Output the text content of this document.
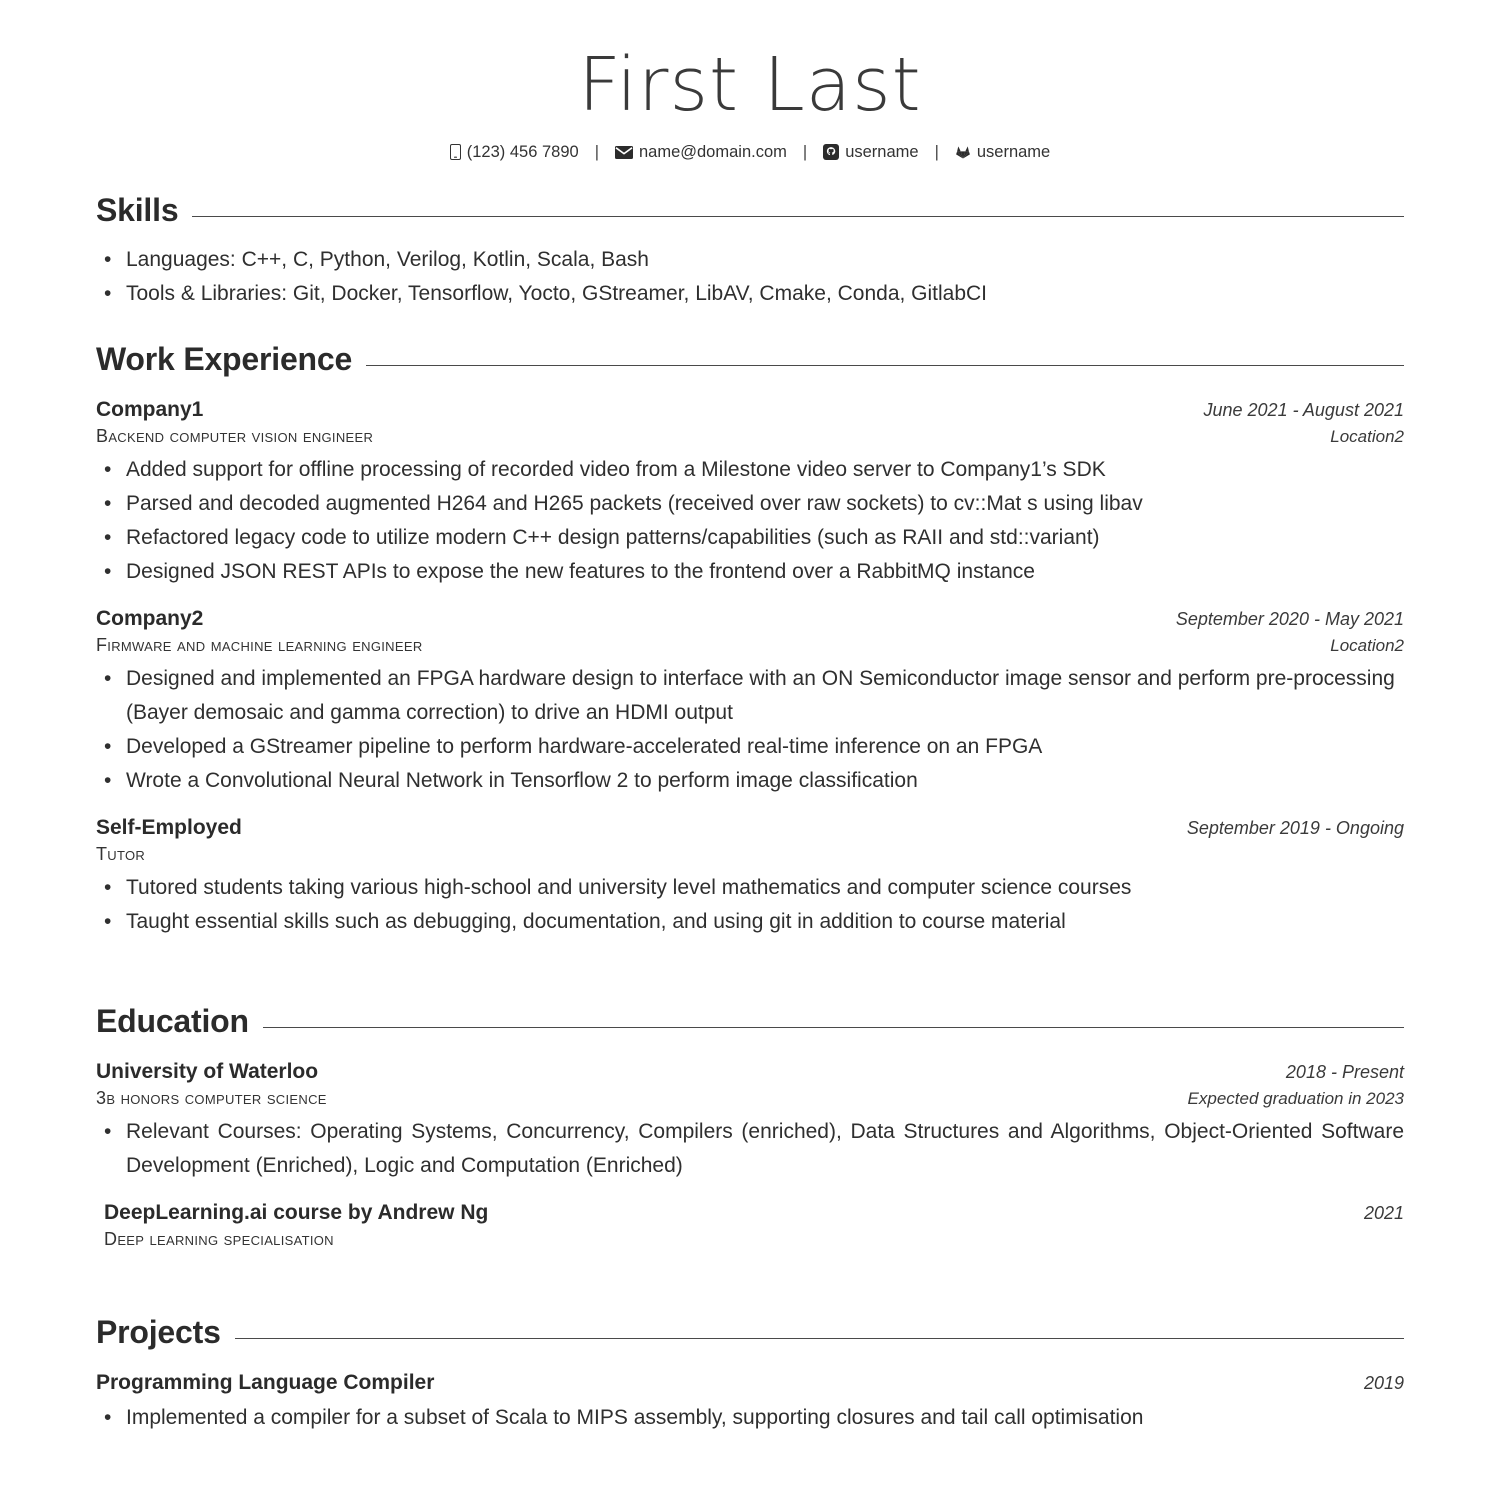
First Last
(123) 456 7890 |	name@domain.com |	username |	username
Skills
• Languages: C++, C, Python, Verilog, Kotlin, Scala, Bash
• Tools & Libraries: Git, Docker, Tensorflow, Yocto, GStreamer, LibAV, Cmake, Conda, GitlabCI
Work Experience
Company1	June 2021 - August 2021
Backend computer vision engineer	Location2
• Added support for offline processing of recorded video from a Milestone video server to Company1’s SDK
• Parsed and decoded augmented H264 and H265 packets (received over raw sockets) to cv::Mat s using libav
• Refactored legacy code to utilize modern C++ design patterns/capabilities (such as RAII and std::variant)
• Designed JSON REST APIs to expose the new features to the frontend over a RabbitMQ instance
Company2	September 2020 - May 2021
Firmware and machine learning engineer	Location2
• Designed and implemented an FPGA hardware design to interface with an ON Semiconductor image sensor and perform pre-processing (Bayer demosaic and gamma correction) to drive an HDMI output
• Developed a GStreamer pipeline to perform hardware-accelerated real-time inference on an FPGA
• Wrote a Convolutional Neural Network in Tensorflow 2 to perform image classification
Self-Employed	September 2019 - Ongoing
Tutor
• Tutored students taking various high-school and university level mathematics and computer science courses
• Taught essential skills such as debugging, documentation, and using git in addition to course material
Education
University of Waterloo	2018 - Present
3b honors computer science	Expected graduation in 2023
• Relevant Courses: Operating Systems, Concurrency, Compilers (enriched), Data Structures and Algorithms, Object-Oriented Software Development (Enriched), Logic and Computation (Enriched)
DeepLearning.ai course by Andrew Ng	2021
Deep learning specialisation
Projects
Programming Language Compiler	2019
• Implemented a compiler for a subset of Scala to MIPS assembly, supporting closures and tail call optimisation
